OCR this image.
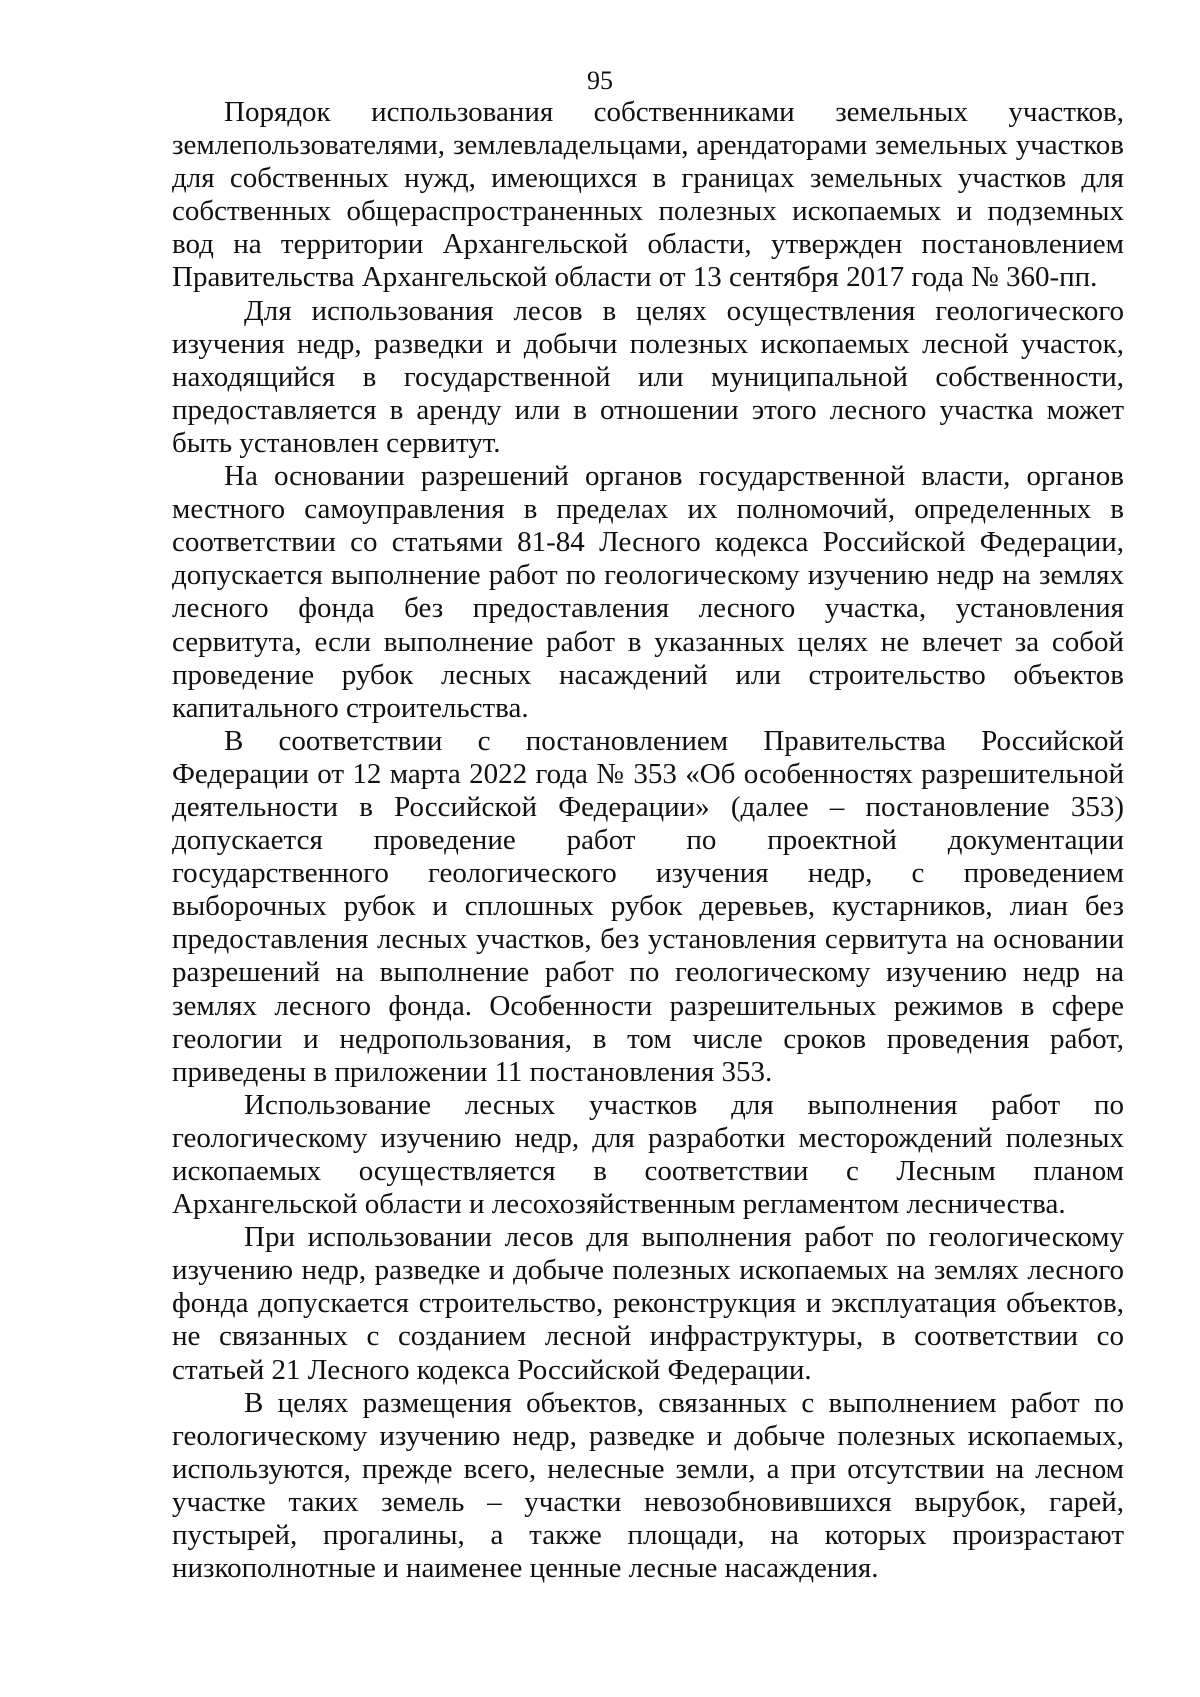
95

Порядок использования собственниками земельных участков, землепользователями, землевладельцами, арендаторами земельных участков для собственных нужд, имеющихся в границах земельных участков для собственных общераспространенных полезных ископаемых и подземных вод на территории Архангельской области, утвержден постановлением Правительства Архангельской области от 13 сентября 2017 года № 360-пп.

Для использования лесов в целях осуществления геологического изучения недр, разведки и добычи полезных ископаемых лесной участок, находящийся в государственной или муниципальной собственности, предоставляется в аренду или в отношении этого лесного участка может быть установлен сервитут.

На основании разрешений органов государственной власти, органов местного самоуправления в пределах их полномочий, определенных в соответствии со статьями 81-84 Лесного кодекса Российской Федерации, допускается выполнение работ по геологическому изучению недр на землях лесного фонда без предоставления лесного участка, установления сервитута, если выполнение работ в указанных целях не влечет за собой проведение рубок лесных насаждений или строительство объектов капитального строительства.

В соответствии с постановлением Правительства Российской Федерации от 12 марта 2022 года № 353 «Об особенностях разрешительной деятельности в Российской Федерации» (далее – постановление 353) допускается проведение работ по проектной документации государственного геологического изучения недр, с проведением выборочных рубок и сплошных рубок деревьев, кустарников, лиан без предоставления лесных участков, без установления сервитута на основании разрешений на выполнение работ по геологическому изучению недр на землях лесного фонда. Особенности разрешительных режимов в сфере геологии и недропользования, в том числе сроков проведения работ, приведены в приложении 11 постановления 353.

Использование лесных участков для выполнения работ по геологическому изучению недр, для разработки месторождений полезных ископаемых осуществляется в соответствии с Лесным планом Архангельской области и лесохозяйственным регламентом лесничества.

При использовании лесов для выполнения работ по геологическому изучению недр, разведке и добыче полезных ископаемых на землях лесного фонда допускается строительство, реконструкция и эксплуатация объектов, не связанных с созданием лесной инфраструктуры, в соответствии со статьей 21 Лесного кодекса Российской Федерации.

В целях размещения объектов, связанных с выполнением работ по геологическому изучению недр, разведке и добыче полезных ископаемых, используются, прежде всего, нелесные земли, а при отсутствии на лесном участке таких земель – участки невозобновившихся вырубок, гарей, пустырей, прогалины, а также площади, на которых произрастают низкополнотные и наименее ценные лесные насаждения.
